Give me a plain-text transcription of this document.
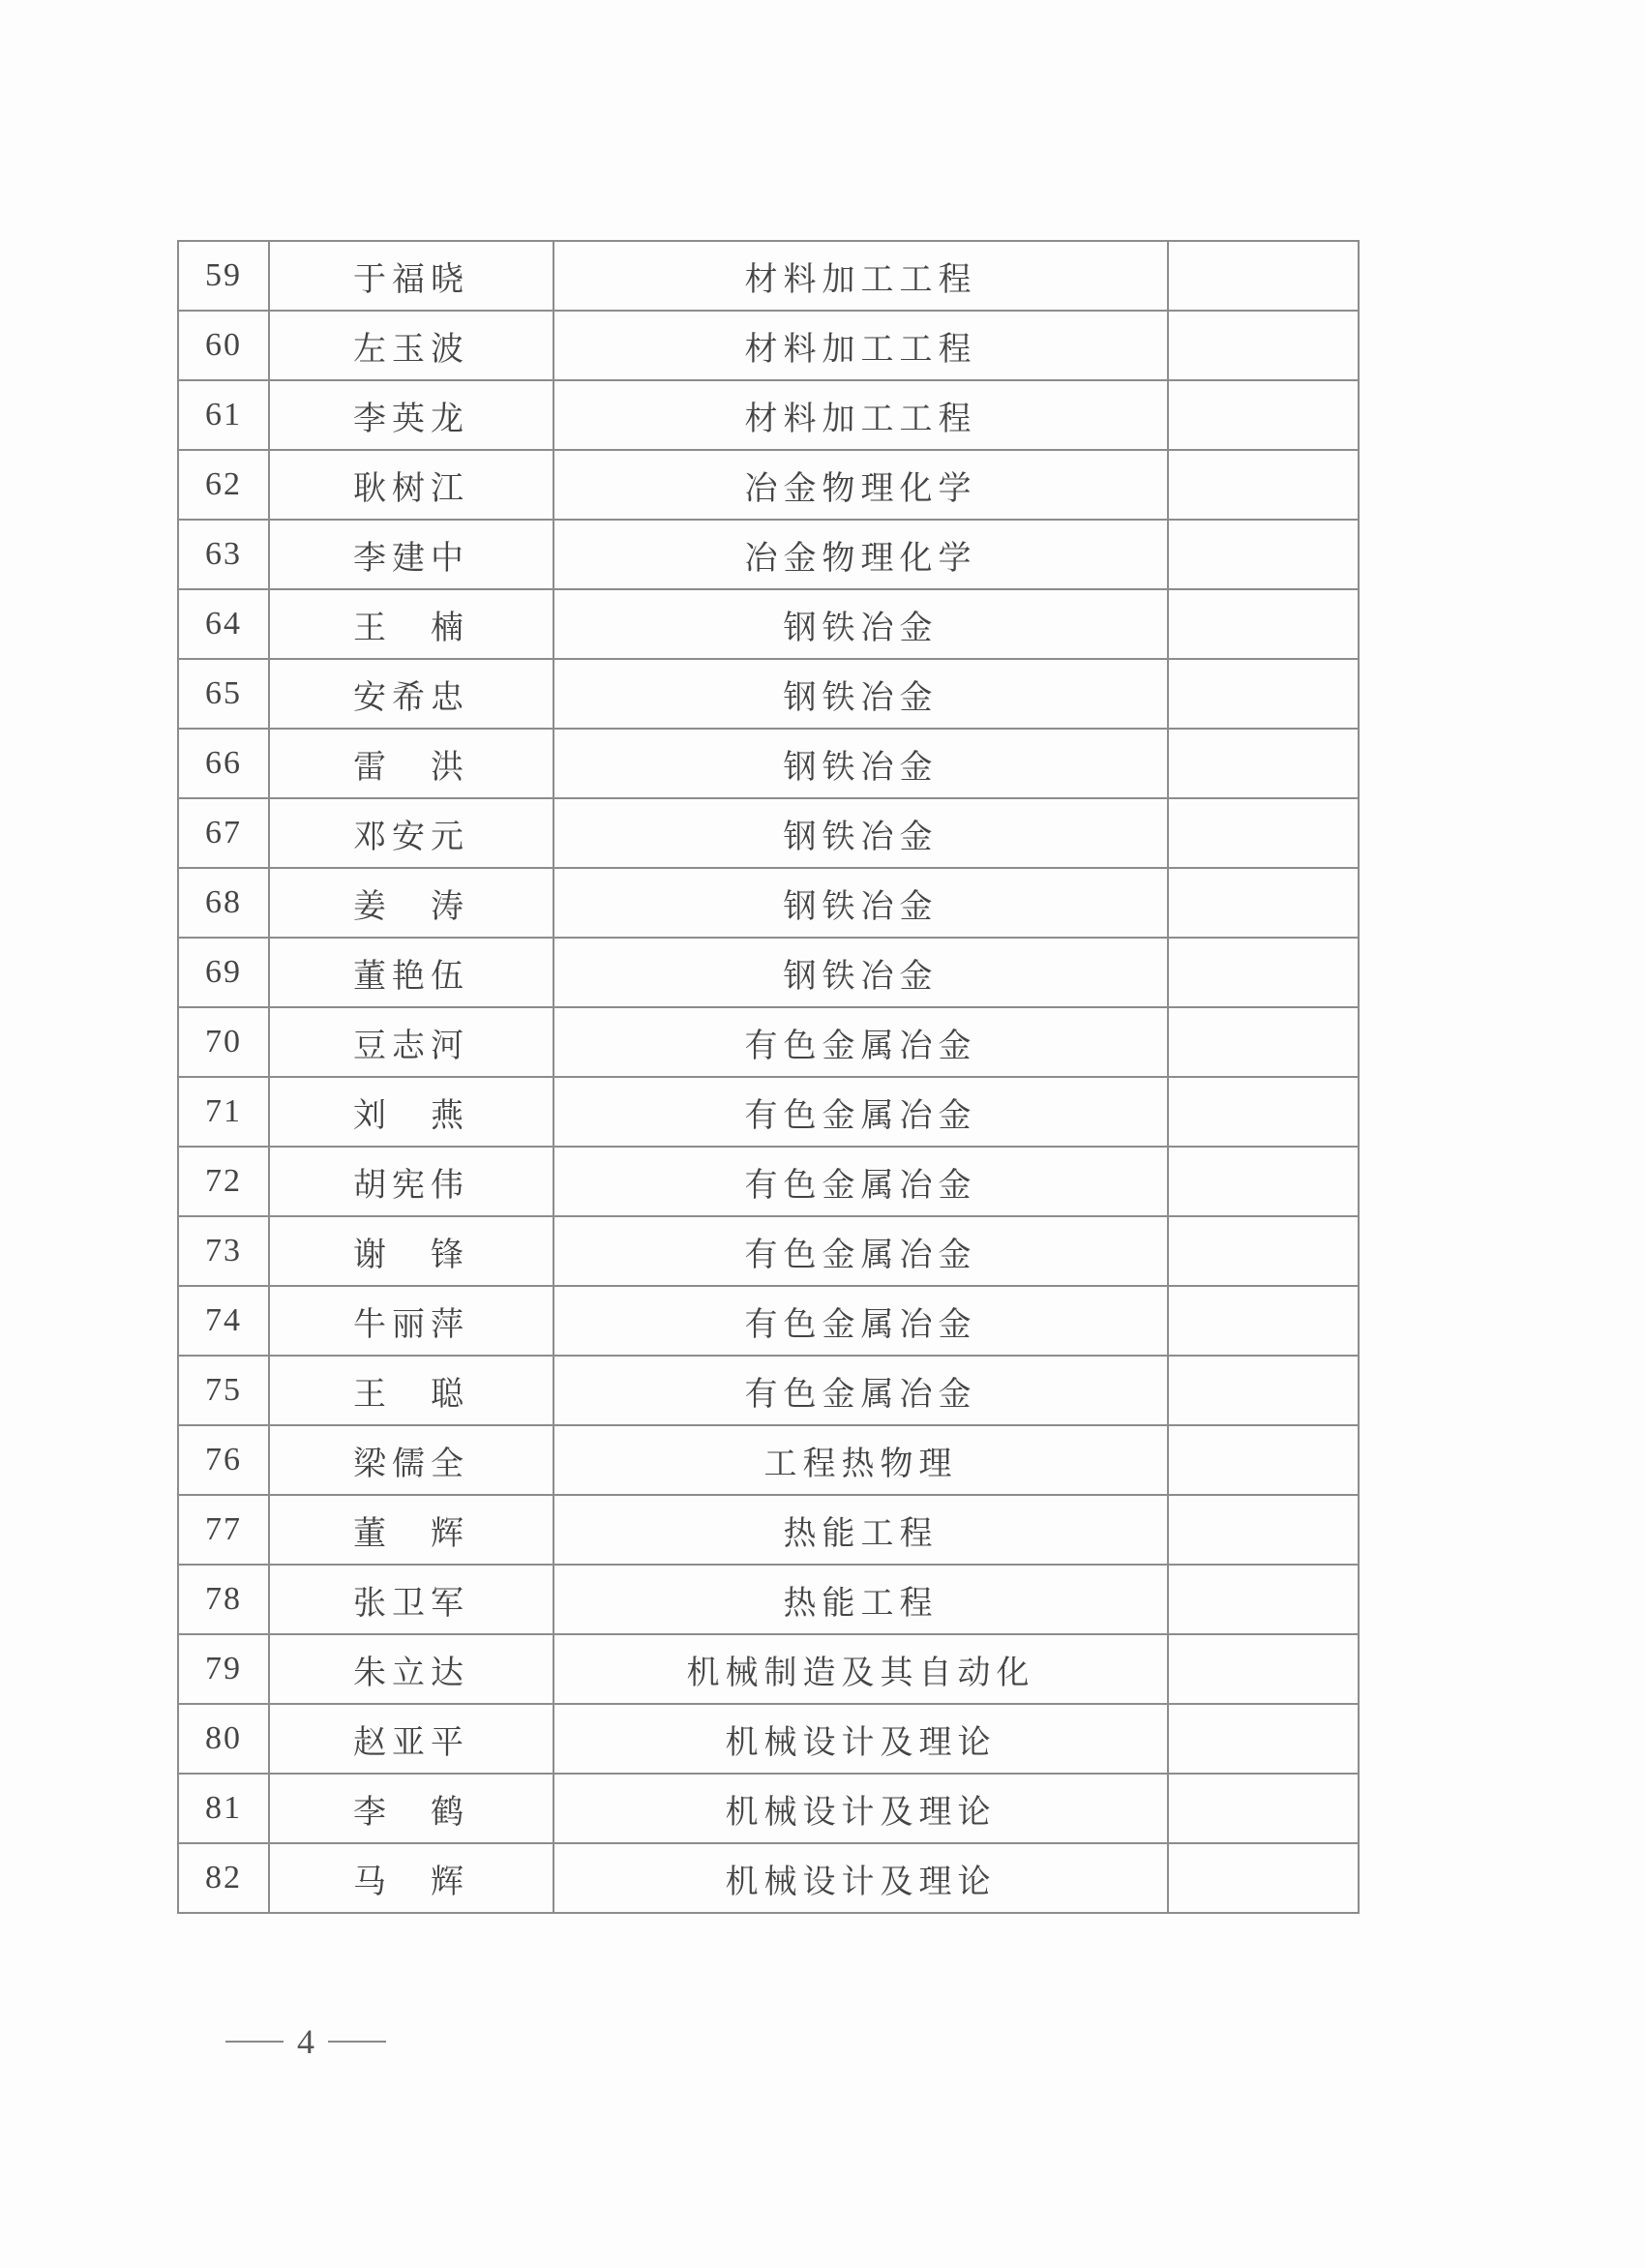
59	于福晓	材料加工工程	
60	左玉波	材料加工工程	
61	李英龙	材料加工工程	
62	耿树江	冶金物理化学	
63	李建中	冶金物理化学	
64	王　楠	钢铁冶金	
65	安希忠	钢铁冶金	
66	雷　洪	钢铁冶金	
67	邓安元	钢铁冶金	
68	姜　涛	钢铁冶金	
69	董艳伍	钢铁冶金	
70	豆志河	有色金属冶金	
71	刘　燕	有色金属冶金	
72	胡宪伟	有色金属冶金	
73	谢　锋	有色金属冶金	
74	牛丽萍	有色金属冶金	
75	王　聪	有色金属冶金	
76	梁儒全	工程热物理	
77	董　辉	热能工程	
78	张卫军	热能工程	
79	朱立达	机械制造及其自动化	
80	赵亚平	机械设计及理论	
81	李　鹤	机械设计及理论	
82	马　辉	机械设计及理论	
4
